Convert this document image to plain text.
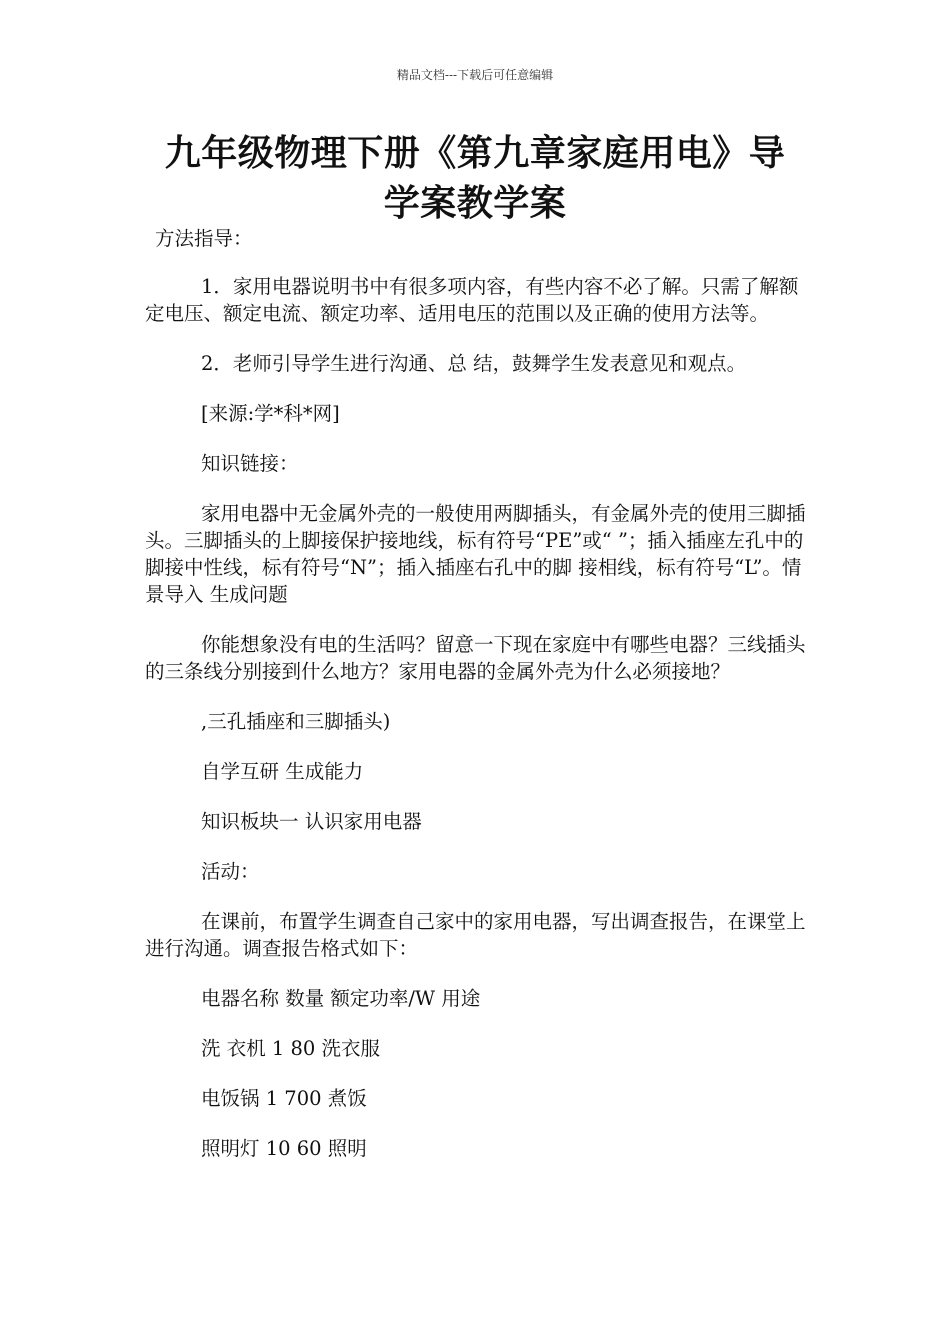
精品文档---下载后可任意编辑
九年级物理下册《第九章家庭用电》导
学案教学案

方法指导：

1．家用电器说明书中有很多项内容，有些内容不必了解。只需了解额定电压、额定电流、额定功率、适用电压的范围以及正确的使用方法等。

2．老师引导学生进行沟通、总 结，鼓舞学生发表意见和观点。

[来源:学*科*网]

知识链接：

家用电器中无金属外壳的一般使用两脚插头，有金属外壳的使用三脚插头。三脚插头的上脚接保护接地线，标有符号“PE”或“ ”；插入插座左孔中的脚接中性线，标有符号“N”；插入插座右孔中的脚 接相线，标有符号“L”。情景导入 生成问题

你能想象没有电的生活吗？留意一下现在家庭中有哪些电器？三线插头的三条线分别接到什么地方？家用电器的金属外壳为什么必须接地？

,三孔插座和三脚插头)

自学互研 生成能力

知识板块一 认识家用电器

活动：

在课前，布置学生调查自己家中的家用电器，写出调查报告，在课堂上进行沟通。调查报告格式如下：

电器名称 数量 额定功率/W 用途

洗 衣机 1 80 洗衣服

电饭锅 1 700 煮饭

照明灯 10 60 照明
